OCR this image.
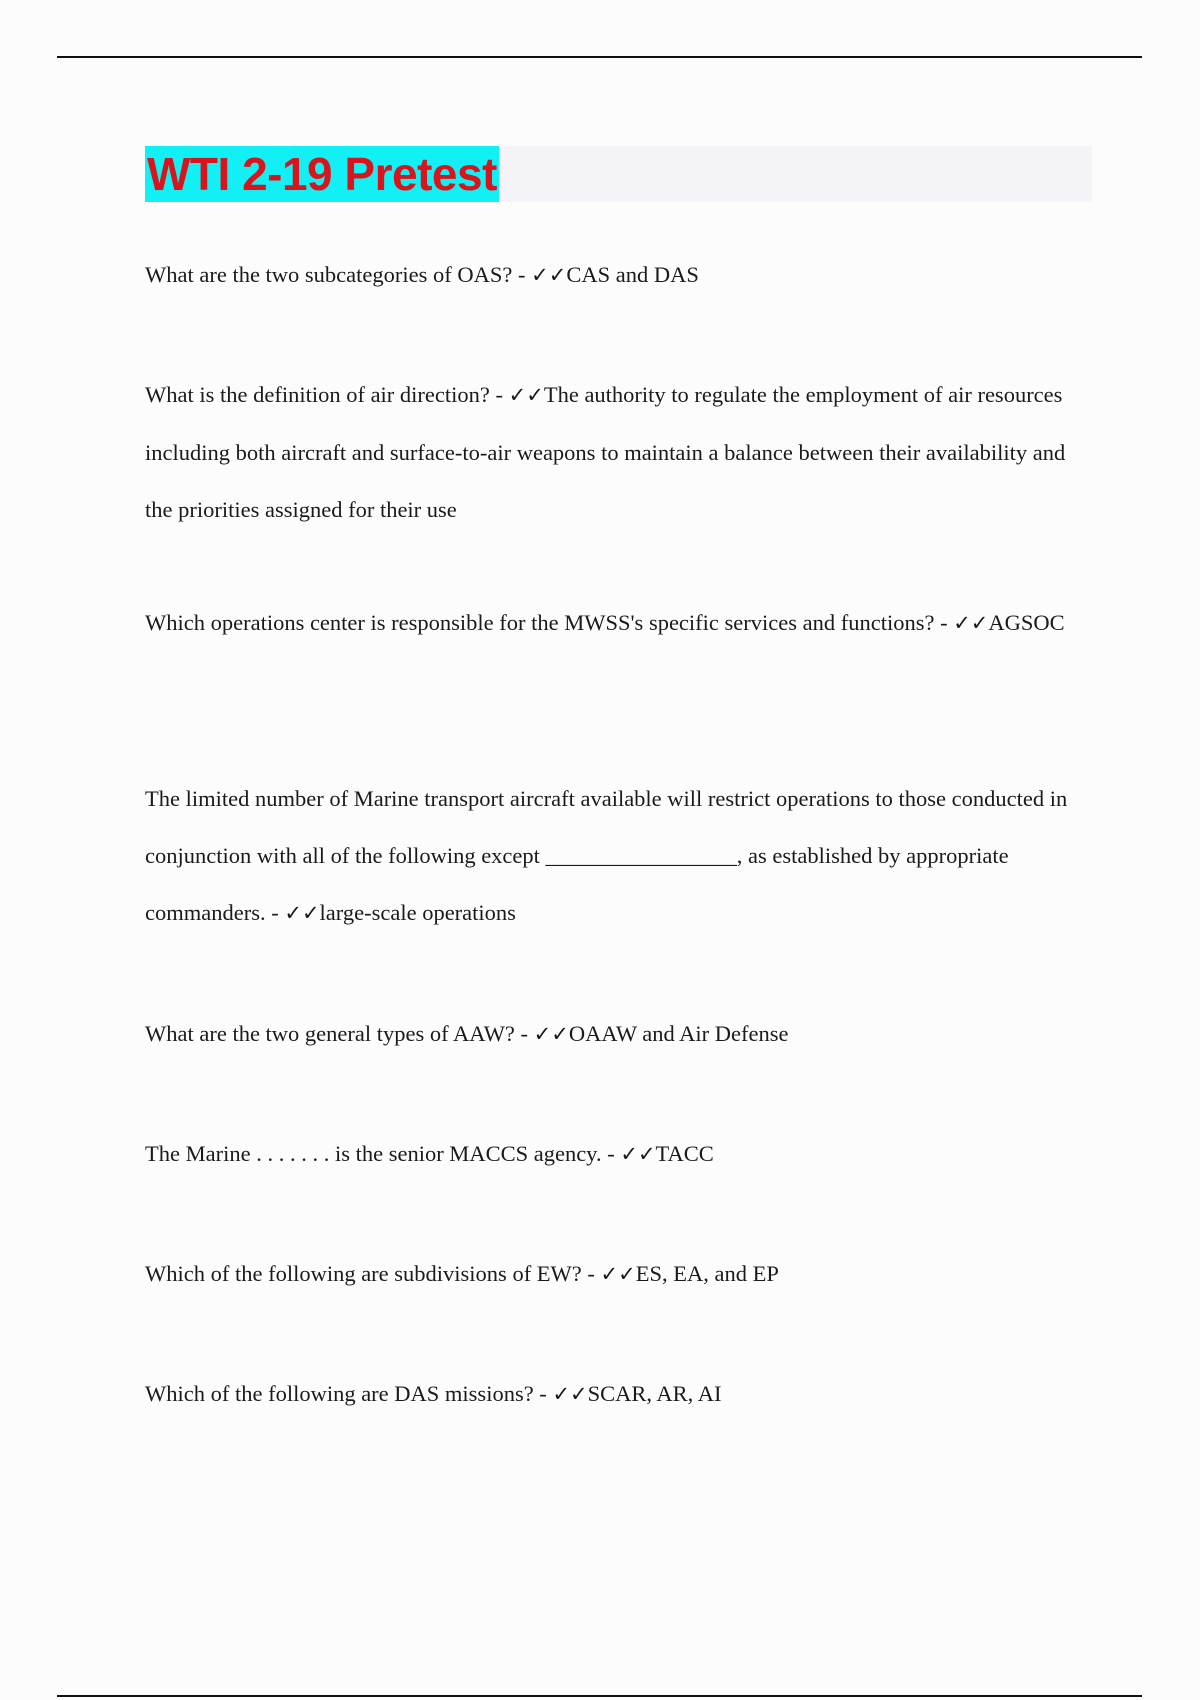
WTI 2-19 Pretest

What are the two subcategories of OAS? - ✓✓CAS and DAS

What is the definition of air direction? - ✓✓The authority to regulate the employment of air resources including both aircraft and surface-to-air weapons to maintain a balance between their availability and the priorities assigned for their use

Which operations center is responsible for the MWSS's specific services and functions? - ✓✓AGSOC

The limited number of Marine transport aircraft available will restrict operations to those conducted in conjunction with all of the following except _________________, as established by appropriate commanders. - ✓✓large-scale operations

What are the two general types of AAW? - ✓✓OAAW and Air Defense

The Marine . . . . . . . is the senior MACCS agency. - ✓✓TACC

Which of the following are subdivisions of EW? - ✓✓ES, EA, and EP

Which of the following are DAS missions? - ✓✓SCAR, AR, AI
